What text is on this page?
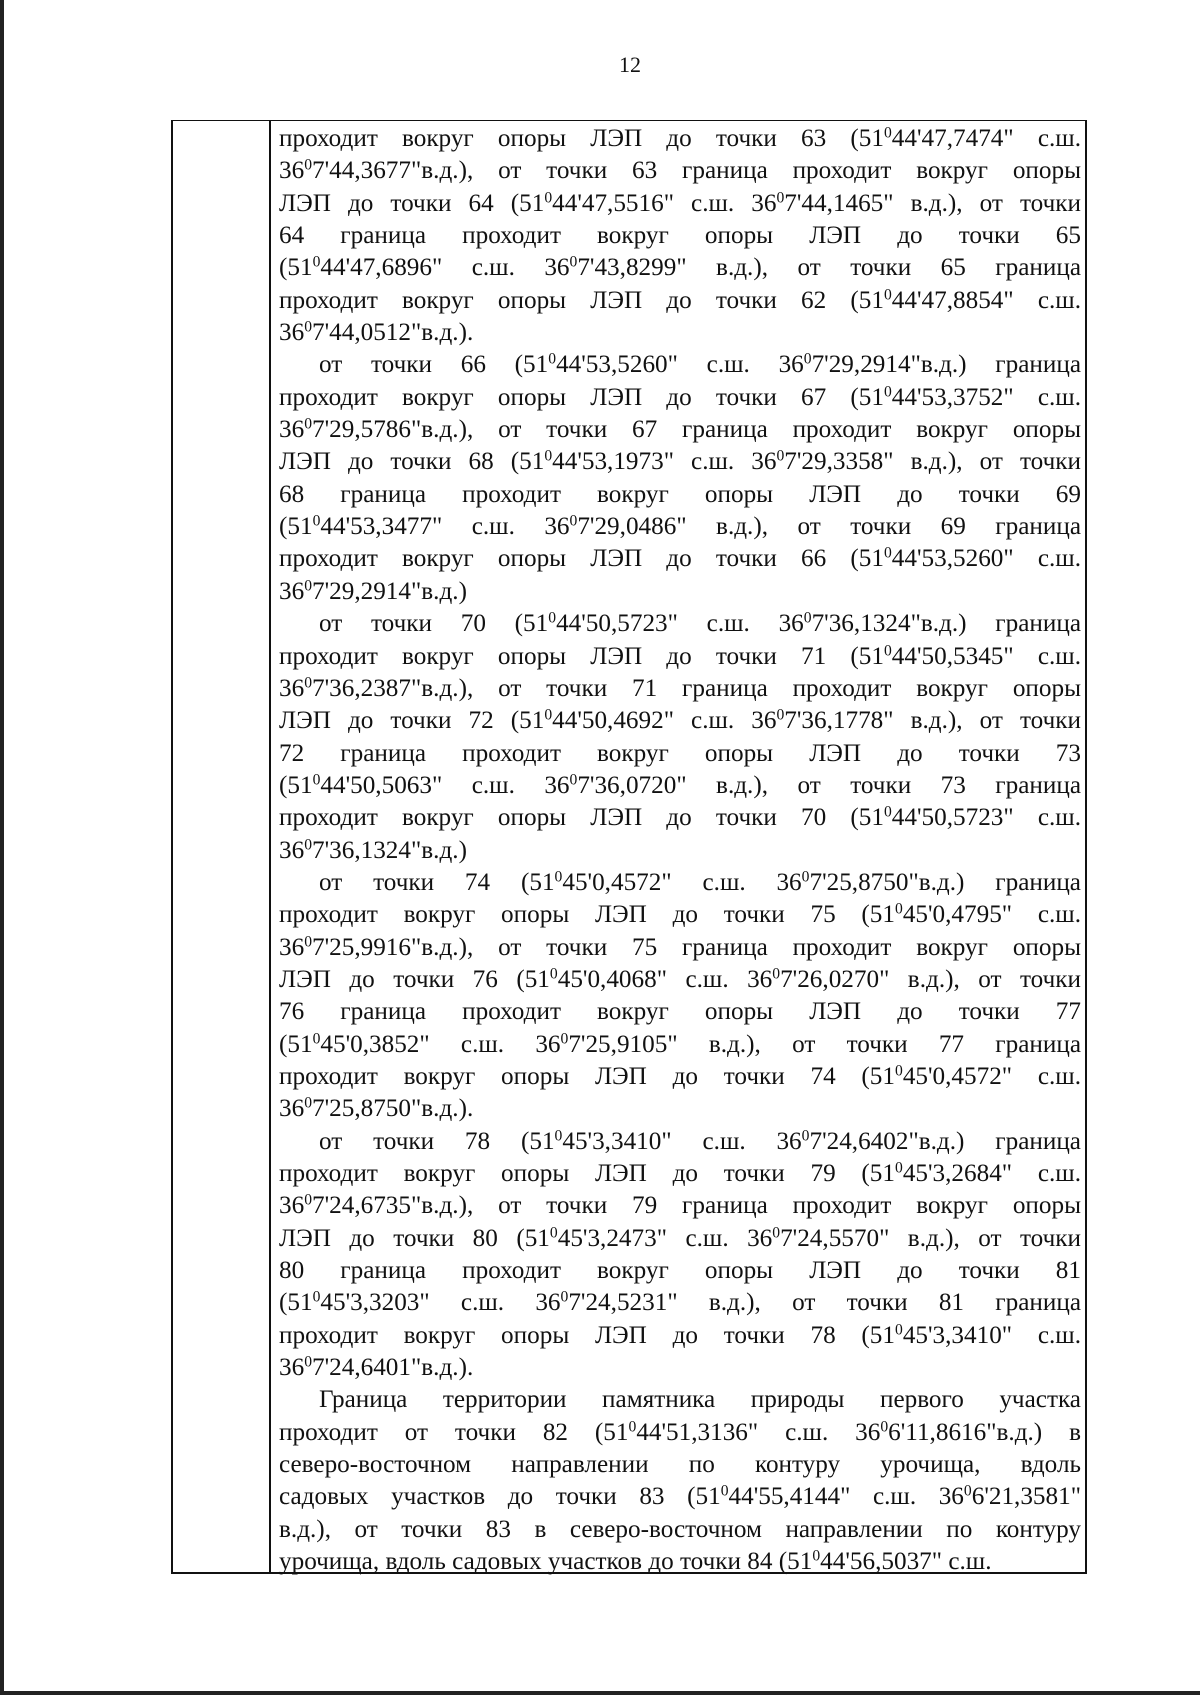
12
проходит вокруг опоры ЛЭП до точки 63 ($51^044'47,7474$" с.ш.
$36^07'44,3677"в.д$.), от точки 63 граница проходит вокруг опоры
ЛЭП до точки 64 ($51^044'47,5516$" с.ш. $36^07'44,1465$" в.д.), от точки
64 граница проходит вокруг опоры ЛЭП до точки 65
($51^044'47,6896$" с.ш. $36^07'43,8299$" в.д.), от точки 65 граница
проходит вокруг опоры ЛЭП до точки 62 ($51^044'47,8854$" с.ш.
$36^07'44,0512"в.д$.).
от точки 66 ($51^044'53,5260$" с.ш. $36^07'29,2914"в.д$.) граница
проходит вокруг опоры ЛЭП до точки 67 ($51^044'53,3752$" с.ш.
$36^07'29,5786"в.д$.), от точки 67 граница проходит вокруг опоры
ЛЭП до точки 68 ($51^044'53,1973$" с.ш. $36^07'29,3358$" в.д.), от точки
68 граница проходит вокруг опоры ЛЭП до точки 69
($51^044'53,3477$" с.ш. $36^07'29,0486$" в.д.), от точки 69 граница
проходит вокруг опоры ЛЭП до точки 66 ($51^044'53,5260$" с.ш.
$36^07'29,2914"в.д$.)
от точки 70 ($51^044'50,5723$" с.ш. $36^07'36,1324"в.д$.) граница
проходит вокруг опоры ЛЭП до точки 71 ($51^044'50,5345$" с.ш.
$36^07'36,2387"в.д$.), от точки 71 граница проходит вокруг опоры
ЛЭП до точки 72 ($51^044'50,4692$" с.ш. $36^07'36,1778$" в.д.), от точки
72 граница проходит вокруг опоры ЛЭП до точки 73
($51^044'50,5063$" с.ш. $36^07'36,0720$" в.д.), от точки 73 граница
проходит вокруг опоры ЛЭП до точки 70 ($51^044'50,5723$" с.ш.
$36^07'36,1324"в.д$.)
от точки 74 ($51^045'0,4572$" с.ш. $36^07'25,8750"в.д$.) граница
проходит вокруг опоры ЛЭП до точки 75 ($51^045'0,4795$" с.ш.
$36^07'25,9916"в.д$.), от точки 75 граница проходит вокруг опоры
ЛЭП до точки 76 ($51^045'0,4068$" с.ш. $36^07'26,0270$" в.д.), от точки
76 граница проходит вокруг опоры ЛЭП до точки 77
($51^045'0,3852$" с.ш. $36^07'25,9105$" в.д.), от точки 77 граница
проходит вокруг опоры ЛЭП до точки 74 ($51^045'0,4572$" с.ш.
$36^07'25,8750"в.д$.).
от точки 78 ($51^045'3,3410$" с.ш. $36^07'24,6402"в.д$.) граница
проходит вокруг опоры ЛЭП до точки 79 ($51^045'3,2684$" с.ш.
$36^07'24,6735"в.д$.), от точки 79 граница проходит вокруг опоры
ЛЭП до точки 80 ($51^045'3,2473$" с.ш. $36^07'24,5570$" в.д.), от точки
80 граница проходит вокруг опоры ЛЭП до точки 81
($51^045'3,3203$" с.ш. $36^07'24,5231$" в.д.), от точки 81 граница
проходит вокруг опоры ЛЭП до точки 78 ($51^045'3,3410$" с.ш.
$36^07'24,6401"в.д$.).
Граница территории памятника природы первого участка
проходит от точки 82 ($51^044'51,3136$" с.ш. $36^06'11,8616"в.д$.) в
северо-восточном направлении по контуру урочища, вдоль
садовых участков до точки 83 ($51^044'55,4144$" с.ш. $36^06'21,3581$"
в.д.), от точки 83 в северо-восточном направлении по контуру
урочища, вдоль садовых участков до точки 84 ($51^044'56,5037$" с.ш.
